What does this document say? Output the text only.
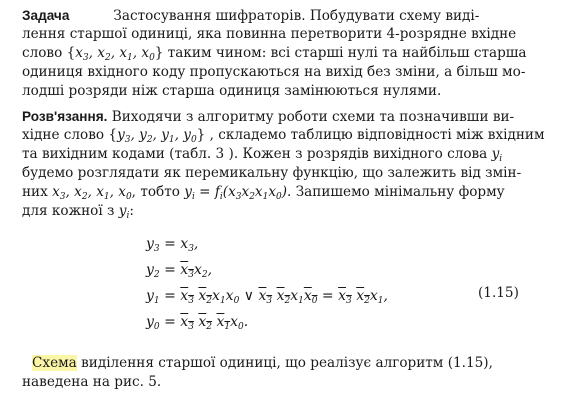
Задача	Застосування шифраторів. Побудувати схему виді-
лення старшої одиниці, яка повинна перетворити 4-розрядне вхідне
слово {$x_3$, $x_2$, $x_1$, $x_0$} таким чином: всі старші нулі та найбільш старша
одиниця вхідного коду пропускаються на вихід без зміни, а більш мо-
лодші розряди ніж старша одиниця замінюються нулями.
Розв'язання. Виходячи з алгоритму роботи схеми та позначивши ви-
хідне слово {$y_3$, $y_2$, $y_1$, $y_0$} , складемо таблицю відповідності між вхідним
та вихідним кодами (табл. 3 ). Кожен з розрядів вихідного слова $y_i$
будемо розглядати як перемикальну функцію, що залежить від змін-
них $x_3$, $x_2$, $x_1$, $x_0$, тобто $y_i = f_i(x_3x_2x_1x_0)$. Запишемо мінімальну форму
для кожної з $y_i$:
$y_3 = x_3$,
$y_2 = x_3x_2$,
$y_1 = x_3$ $x_2x_1x_0$ ∨ $x_3$ $x_2x_1x_0 = x_3$ $x_2x_1$,
$y_0 = x_3$ $x_2$ $x_1x_0$.
(1.15)
Схема виділення старшої одиниці, що реалізує алгоритм (1.15),
наведена на рис. 5.
